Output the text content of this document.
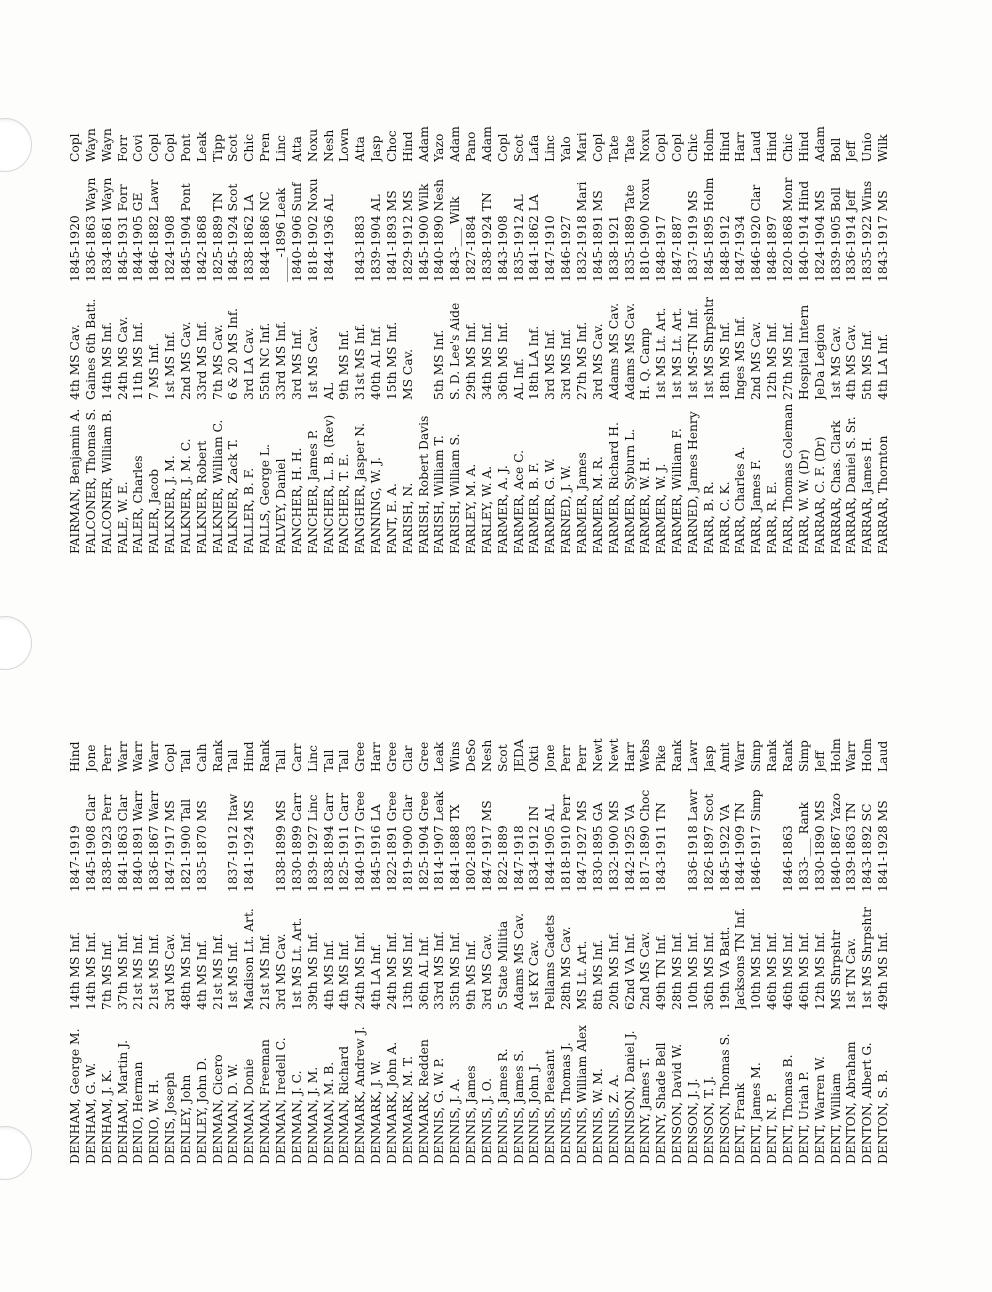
DENHAM, George M.
14th MS Inf.
1847-1919
Hind
DENHAM, G. W.
14th MS Inf.
1845-1908 Clar
Jone
DENHAM, J. K.
7th MS Inf.
1838-1923 Perr
Perr
DENHAM, Martin J.
37th MS Inf.
1841-1863 Clar
Warr
DENIO, Herman
21st MS Inf.
1840-1891 Warr
Warr
DENIO, W. H.
21st MS Inf.
1836-1867 Warr
Warr
DENIS, Joseph
3rd MS Cav.
1847-1917 MS
Copl
DENLEY, John
48th MS Inf.
1821-1900 Tall
Tall
DENLEY, John D.
4th MS Inf.
1835-1870 MS
Calh
DENMAN, Cicero
21st MS Inf.
Rank
DENMAN, D. W.
1st MS Inf.
1837-1912 Itaw
Tall
DENMAN, Donie
Madison Lt. Art.
1841-1924 MS
Hind
DENMAN, Freeman
21st MS Inf.
Rank
DENMAN, Iredell C.
3rd MS Cav.
1838-1899 MS
Tall
DENMAN, J. C.
1st MS Lt. Art.
1830-1899 Carr
Carr
DENMAN, J. M.
39th MS Inf.
1839-1927 Linc
Linc
DENMAN, M. B.
4th MS Inf.
1838-1894 Carr
Tall
DENMAN, Richard
4th MS Inf.
1825-1911 Carr
Tall
DENMARK, Andrew J.
24th MS Inf.
1840-1917 Gree
Gree
DENMARK, J. W.
4th LA Inf.
1845-1916 LA
Harr
DENMARK, John A.
24th MS Inf.
1822-1891 Gree
Gree
DENMARK, M. T.
13th MS Inf.
1819-1900 Clar
Clar
DENMARK, Redden
36th AL Inf.
1825-1904 Gree
Gree
DENNIS, G. W. P.
33rd MS Inf.
1814-1907 Leak
Leak
DENNIS, J. A.
35th MS Inf.
1841-1888 TX
Wins
DENNIS, James
9th MS Inf.
1802-1883
DeSo
DENNIS, J. O.
3rd MS Cav.
1847-1917 MS
Nesh
DENNIS, James R.
5 State Militia
1822-1889
Scot
DENNIS, James S.
Adams MS Cav.
1847-1918
JEDA
DENNIS, John J.
1st KY Cav.
1834-1912 IN
Okti
DENNIS, Pleasant
Pellams Cadets
1844-1905 AL
Jone
DENNIS, Thomas J.
28th MS Cav.
1818-1910 Perr
Perr
DENNIS, William Alex
MS Lt. Art.
1847-1927 MS
Perr
DENNIS, W. M.
8th MS Inf.
1830-1895 GA
Newt
DENNIS, Z. A.
20th MS Inf.
1832-1900 MS
Newt
DENNISON, Daniel J.
62nd VA Inf.
1842-1925 VA
Harr
DENNY, James T.
2nd MS Cav.
1817-1890 Choc
Webs
DENNY, Shade Bell
49th TN Inf.
1843-1911 TN
Pike
DENSON, David W.
28th MS Inf.
Rank
DENSON, J. J.
10th MS Inf.
1836-1918 Lawr
Lawr
DENSON, T. J.
36th MS Inf.
1826-1897 Scot
Jasp
DENSON, Thomas S.
19th VA Batt.
1845-1922 VA
Amit
DENT, Frank
Jacksons TN Inf.
1844-1909 TN
Warr
DENT, James M.
10th MS Inf.
1846-1917 Simp
Simp
DENT, N. P.
46th MS Inf.
Rank
DENT, Thomas B.
46th MS Inf.
1846-1863
Rank
DENT, Uriah P.
46th MS Inf.
1833-___ Rank
Simp
DENT, Warren W.
12th MS Inf.
1830-1890 MS
Jeff
DENT, William
MS Shrpshtr
1840-1867 Yazo
Holm
DENTON, Abraham
1st TN Cav.
1839-1863 TN
Warr
DENTON, Albert G.
1st MS Shrpshtr
1843-1892 SC
Holm
DENTON, S. B.
49th MS Inf.
1841-1928 MS
Laud
FAIRMAN, Benjamin A.
4th MS Cav.
1845-1920
Copl
FALCONER, Thomas S.
Gaines 6th Batt.
1836-1863 Wayn
Wayn
FALCONER, William B.
14th MS Inf.
1834-1861 Wayn
Wayn
FALE, W. E.
24th MS Cav.
1845-1931 Forr
Forr
FALER, Charles
11th MS Inf.
1844-1905 GE
Covi
FALER, Jacob
7 MS Inf.
1846-1882 Lawr
Copl
FALKNER, J. M.
1st MS Inf.
1824-1908
Copl
FALKNER, J. M. C.
2nd MS Cav.
1845-1904 Pont
Pont
FALKNER, Robert
33rd MS Inf.
1842-1868
Leak
FALKNER, William C.
7th MS Cav.
1825-1889 TN
Tipp
FALKNER, Zack T.
6 & 20 MS Inf.
1845-1924 Scot
Scot
FALLER, B. F.
3rd LA Cav.
1838-1862 LA
Chic
FALLS, George L.
55th NC Inf.
1844-1886 NC
Pren
FALVEY, Daniel
33rd MS Inf.
____-1896 Leak
Linc
FANCHER, H. H.
3rd MS Inf.
1840-1906 Sunf
Atta
FANCHER, James P.
1st MS Cav.
1818-1902 Noxu
Noxu
FANCHER, L. B. (Rev)
AL
1844-1936 AL
Nesh
FANCHER, T. E.
9th MS Inf.
Lown
FANGHER, Jasper N.
31st MS Inf.
1843-1883
Atta
FANNING, W. J.
40th AL Inf.
1839-1904 AL
Jasp
FANT, E. A.
15th MS Inf.
1841-1893 MS
Choc
FARISH, N.
MS Cav.
1829-1912 MS
Hind
FARISH, Robert Davis
1845-1900 Wilk
Adam
FARISH, William T.
5th MS Inf.
1840-1890 Nesh
Yazo
FARISH, William S.
S. D. Lee's Aide
1843-___ Wilk
Adam
FARLEY, M. A.
29th MS Inf.
1827-1884
Pano
FARLEY, W. A.
34th MS Inf.
1838-1924 TN
Adam
FARMER, A. J.
36th MS Inf.
1843-1908
Copl
FARMER, Ace C.
AL Inf.
1835-1912 AL
Scot
FARMER, B. F.
18th LA Inf.
1841-1862 LA
Lafa
FARMER, G. W.
3rd MS Inf.
1847-1910
Linc
FARNED, J. W.
3rd MS Inf.
1846-1927
Yalo
FARMER, James
27th MS Inf.
1832-1918 Mari
Mari
FARMER, M. R.
3rd MS Cav.
1845-1891 MS
Copl
FARMER, Richard H.
Adams MS Cav.
1838-1921
Tate
FARMER, Syburn L.
Adams MS Cav.
1835-1889 Tate
Tate
FARMER, W. H.
H. Q. Camp
1810-1900 Noxu
Noxu
FARMER, W. J.
1st MS Lt. Art.
1848-1917
Copl
FARMER, William F.
1st MS Lt. Art.
1847-1887
Copl
FARNED, James Henry
1st MS-TN Inf.
1837-1919 MS
Chic
FARR, B. R.
1st MS Shrpshtr
1845-1895 Holm
Holm
FARR, C. K.
18th MS Inf.
1848-1912
Hind
FARR, Charles A.
Inges MS Inf.
1847-1934
Harr
FARR, James F.
2nd MS Cav.
1846-1920 Clar
Laud
FARR, R. E.
12th MS Inf.
1848-1897
Hind
FARR, Thomas Coleman
27th MS Inf.
1820-1868 Monr
Chic
FARR, W. W. (Dr)
Hospital Intern
1840-1914 Hind
Hind
FARRAR, C. F. (Dr)
JeDa Legion
1824-1904 MS
Adam
FARRAR, Chas. Clark
1st MS Cav.
1839-1905 Boll
Boll
FARRAR, Daniel S. Sr.
4th MS Cav.
1836-1914 Jeff
Jeff
FARRAR, James H.
5th MS Inf.
1835-1922 Wins
Unio
FARRAR, Thornton
4th LA Inf.
1843-1917 MS
Wilk
